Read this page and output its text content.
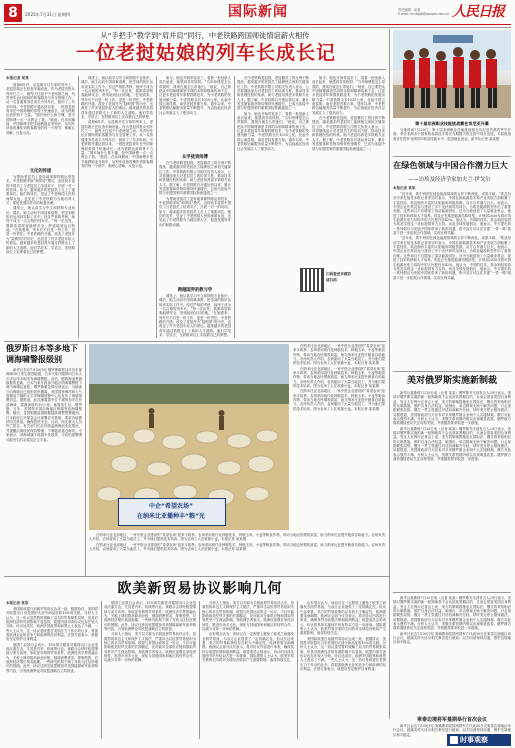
8	2025年7月31日 星期四	国际新闻	责任编辑：某某
E-mail: rmrbgjb@people.com.cn 人民日报
从“手把手”教学到“肩并肩”同行，中老铁路跨国师徒情谊薪火相传
一位老挝姑娘的列车长成长记
本报记者 某某

清晨6时许，从昆明开往万象的列车上，老挝姑娘正在检查车厢设备。作为老挝首批女列车长之一，她每天往返于中老两国之间，负责列车运行期间的旅客服务与安全管理工作。从一名普通乘务员成长为列车长，她用了三年多时间。中老铁路开通运营以来，一批批老挝青年在中国师傅的带领下快速成长，成为铁路运营的骨干力量。“刚开始什么都不懂，是中国师傅一点一点教会了我。”她说。在培训期间，中国师傅手把手地教她业务知识，从列车设备的操作到旅客服务的每一个细节，都耐心讲解、反复示范。

文化的传递

为帮助老挝员工更好地掌握铁路运营技术，中老铁路采取“师带徒”模式，由经验丰富的中国员工与老挝员工结成对子，开展一对一的培训。如今，越来越多的老挝员工走上了重要岗位。她们的成长，见证了中老两国人民的深厚友谊，也见证了中老铁路为当地培养人才、促进发展所作出的积极贡献。

课堂上，她认真学习中文和铁路专业知识；课后，她主动向中国同事请教，把学到的知识运用到实际工作中。经过严格的考核，她终于成为一名合格的列车长。“每一次出发，我都希望旅客能够安全、舒适地到达目的地。”在她看来，列车长不仅是一份工作，更是一份责任。中老铁路的开通，改变了老挝作为“陆锁国”的历史，也改变了许多老挝年轻人的命运。越来越多的老挝青年通过铁路走上了新的人生道路，他们学技术、学语言，在铁路岗位上实现着自己的梦想。

课堂上，她认真学习中文和铁路专业知识；课后，她主动向中国同事请教，把学到的知识运用到实际工作中。经过严格的考核，她终于成为一名合格的列车长。“每一次出发，我都希望旅客能够安全、舒适地到达目的地。”在她看来，列车长不仅是一份工作，更是一份责任。中老铁路的开通，改变了老挝作为“陆锁国”的历史，也改变了许多老挝年轻人的命运。越来越多的老挝青年通过铁路走上了新的人生道路，他们学技术、学语言，在铁路岗位上实现着自己的梦想。

清晨6时许，从昆明开往万象的列车上，老挝姑娘正在检查车厢设备。作为老挝首批女列车长之一，她每天往返于中老两国之间，负责列车运行期间的旅客服务与安全管理工作。从一名普通乘务员成长为列车长，她用了三年多时间。中老铁路开通运营以来，一批批老挝青年在中国师傅的带领下快速成长，成为铁路运营的骨干力量。“刚开始什么都不懂，是中国师傅一点一点教会了我。”她说。在培训期间，中国师傅手把手地教她业务知识，从列车设备的操作到旅客服务的每一个细节，都耐心讲解、反复示范。

如今，她也开始带徒弟了。看着一批批新人成长起来，她感到非常欣慰。“当年师傅是怎么带我的，我现在就怎么带他们。”她说，自己要把从中国师傅那里学到的本领和精神传承下去，让更多老挝青年掌握铁路技术，为中老铁路的发展贡献力量。中老铁路全长1035公里，北起中国云南昆明，南至老挝首都万象。通车以来，中老铁路运输服务质量不断提升，为沿线地区经济社会发展注入了强劲动力。

从学徒到师傅

在中老铁路老挝段，老挝籍员工的比例不断提高，越来越多的老挝员工能够独立承担关键岗位工作。中老铁路有限公司相关负责人表示，公司将继续加大对老挝员工的培训力度，推动技术和管理经验的传承，助力老挝培养更多铁路专业人才。据了解，中老铁路自开通运营以来，累计发送旅客和货物均保持快速增长，已成为连接中国与东盟国家的重要国际物流通道之一。

为帮助老挝员工更好地掌握铁路运营技术，中老铁路采取“师带徒”模式，由经验丰富的中国员工与老挝员工结成对子，开展一对一的培训。如今，越来越多的老挝员工走上了重要岗位。她们的成长，见证了中老两国人民的深厚友谊，也见证了中老铁路为当地培养人才、促进发展所作出的积极贡献。

在中老铁路老挝段，老挝籍员工的比例不断提高，越来越多的老挝员工能够独立承担关键岗位工作。中老铁路有限公司相关负责人表示，公司将继续加大对老挝员工的培训力度，推动技术和管理经验的传承，助力老挝培养更多铁路专业人才。据了解，中老铁路自开通运营以来，累计发送旅客和货物均保持快速增长，已成为连接中国与东盟国家的重要国际物流通道之一。

如今，她也开始带徒弟了。看着一批批新人成长起来，她感到非常欣慰。“当年师傅是怎么带我的，我现在就怎么带他们。”她说，自己要把从中国师傅那里学到的本领和精神传承下去，让更多老挝青年掌握铁路技术，为中老铁路的发展贡献力量。中老铁路全长1035公里，北起中国云南昆明，南至老挝首都万象。通车以来，中老铁路运输服务质量不断提升，为沿线地区经济社会发展注入了强劲动力。

跨越国界的教与学

课堂上，她认真学习中文和铁路专业知识；课后，她主动向中国同事请教，把学到的知识运用到实际工作中。经过严格的考核，她终于成为一名合格的列车长。“每一次出发，我都希望旅客能够安全、舒适地到达目的地。”在她看来，列车长不仅是一份工作，更是一份责任。中老铁路的开通，改变了老挝作为“陆锁国”的历史，也改变了许多老挝年轻人的命运。越来越多的老挝青年通过铁路走上了新的人生道路，他们学技术、学语言，在铁路岗位上实现着自己的梦想。

扫码看更多精彩
请扫码

如今，她也开始带徒弟了。看着一批批新人成长起来，她感到非常欣慰。“当年师傅是怎么带我的，我现在就怎么带他们。”她说，自己要把从中国师傅那里学到的本领和精神传承下去，让更多老挝青年掌握铁路技术，为中老铁路的发展贡献力量。中老铁路全长1035公里，北起中国云南昆明，南至老挝首都万象。通车以来，中老铁路运输服务质量不断提升，为沿线地区经济社会发展注入了强劲动力。

在中老铁路老挝段，老挝籍员工的比例不断提高，越来越多的老挝员工能够独立承担关键岗位工作。中老铁路有限公司相关负责人表示，公司将继续加大对老挝员工的培训力度，推动技术和管理经验的传承，助力老挝培养更多铁路专业人才。据了解，中老铁路自开通运营以来，累计发送旅客和货物均保持快速增长，已成为连接中国与东盟国家的重要国际物流通道之一。

第十届非洲职业技能挑战赛在肯尼亚开幕

当地时间7月29日，第十届非洲职业技能挑战赛在肯尼亚首都内罗毕开幕。来自非洲多个国家的参赛选手将在为期数天的比赛中同台竞技。本届挑战赛旨在提升非洲青年职业技能水平，促进就业创业。新华社记者 某某摄

在绿色领域与中国合作潜力巨大
——访埃及经济学家加夫兰·伊戈尔
本报记者 某某

“近年来，埃中两国在绿色能源领域的合作不断深化，成果丰硕。”埃及经济学家在接受本报记者采访时表示，中国在新能源技术和产业发展方面积累了丰富经验，埃及拥有丰富的太阳能和风能资源，双方合作潜力巨大。他表示，中国企业在埃及参与建设了多个光伏和风电项目，为埃及能源转型作出了重要贡献。这些项目不仅增加了清洁能源供应，还为当地创造了大量就业机会，促进了技术转移和人才培养。埃及正在推进能源结构转型，计划到2030年将可再生能源在电力结构中的占比提升至42%。他认为，中国的技术、资金和经验将为埃及实现这一目标提供有力支持。谈及全球发展倡议，他表示，中方提出的一系列倡议为发展中国家带来了新的机遇，埃中双方可以在共建“一带一路”框架下进一步拓展合作领域，实现互利共赢。

“近年来，埃中两国在绿色能源领域的合作不断深化，成果丰硕。”埃及经济学家在接受本报记者采访时表示，中国在新能源技术和产业发展方面积累了丰富经验，埃及拥有丰富的太阳能和风能资源，双方合作潜力巨大。他表示，中国企业在埃及参与建设了多个光伏和风电项目，为埃及能源转型作出了重要贡献。这些项目不仅增加了清洁能源供应，还为当地创造了大量就业机会，促进了技术转移和人才培养。埃及正在推进能源结构转型，计划到2030年将可再生能源在电力结构中的占比提升至42%。他认为，中国的技术、资金和经验将为埃及实现这一目标提供有力支持。谈及全球发展倡议，他表示，中方提出的一系列倡议为发展中国家带来了新的机遇，埃中双方可以在共建“一带一路”框架下进一步拓展合作领域，实现互利共赢。

美对俄罗斯实施新制裁

新华社莫斯科7月29日电（记者 某某）俄罗斯外交部发言人29日表示，美国对俄罗斯实施的新一轮制裁将不会达到其预期目的，反而会损害美国自身利益。发言人在例行记者会上说，美方的制裁措施违反国际法，俄方将采取相应的反制措施，维护自身合法权益。她指出，单边制裁无助于解决问题，只会加剧紧张局势。俄方一贯主张通过对话协商解决分歧，呼吁美方停止错误做法。另据报道，美国财政部当天宣布对多家俄罗斯企业和个人实施制裁。俄方对此表示强烈不满。分析人士认为，美俄关系短期内难以出现明显改善。俄罗斯方面将继续密切关注局势发展，并根据需要采取进一步措施。

新华社莫斯科7月29日电（记者 某某）俄罗斯外交部发言人29日表示，美国对俄罗斯实施的新一轮制裁将不会达到其预期目的，反而会损害美国自身利益。发言人在例行记者会上说，美方的制裁措施违反国际法，俄方将采取相应的反制措施，维护自身合法权益。她指出，单边制裁无助于解决问题，只会加剧紧张局势。俄方一贯主张通过对话协商解决分歧，呼吁美方停止错误做法。另据报道，美国财政部当天宣布对多家俄罗斯企业和个人实施制裁。俄方对此表示强烈不满。分析人士认为，美俄关系短期内难以出现明显改善。俄罗斯方面将继续密切关注局势发展，并根据需要采取进一步措施。

俄罗斯日本等多地下调海啸警报级别

新华社东京7月30日电 俄罗斯堪察加半岛东部海域30日发生强烈地震，日本气象厅随即向日本太平洋沿岸多地发布海啸警报。此后，随着海浪观测数据的更新，日本气象厅将部分地区的海啸警报下调为海啸注意报。俄罗斯紧急情况部表示，当地部分沿海地区已组织居民撤离。美国国家海洋和大气管理局下属的太平洋海啸预警中心也发布了海啸预警信息。据报道，此次地震震中位于堪察加半岛东部海域，震源深度约19公里。地震发生后，俄罗斯、日本、美国等多国沿海地区相继发布海啸预警。随后，各国根据监测数据陆续调整预警级别。日本政府召开紧急会议部署应对措施，要求各地做好防灾准备，确保居民安全。目前，尚无重大人员伤亡报告。有关部门仍在持续监测海浪变化情况，并提醒沿海居民保持警惕，不要随意靠近海岸。专家表示，该海域属于地震多发地带，今后仍需警惕可能发生的余震及次生灾害。

中企“希望农场”
在纳米比亚播种丰“粮”光

在纳米比亚北部地区，一家中资企业建设的“希望农场”迎来丰收季。农场采用现代化种植技术，种植玉米、小麦等粮食作物，带动当地农民增收致富，助力纳米比亚提升粮食自给能力。农场负责人介绍，农场雇用了大量当地员工，并为他们提供技术培训。图为农场工人在收割小麦。本报记者 某某摄

在纳米比亚北部地区，一家中资企业建设的“希望农场”迎来丰收季。农场采用现代化种植技术，种植玉米、小麦等粮食作物，带动当地农民增收致富，助力纳米比亚提升粮食自给能力。农场负责人介绍，农场雇用了大量当地员工，并为他们提供技术培训。图为农场工人在收割小麦。本报记者 某某摄

在纳米比亚北部地区，一家中资企业建设的“希望农场”迎来丰收季。农场采用现代化种植技术，种植玉米、小麦等粮食作物，带动当地农民增收致富，助力纳米比亚提升粮食自给能力。农场负责人介绍，农场雇用了大量当地员工，并为他们提供技术培训。图为农场工人在收割小麦。本报记者 某某摄

在纳米比亚北部地区，一家中资企业建设的“希望农场”迎来丰收季。农场采用现代化种植技术，种植玉米、小麦等粮食作物，带动当地农民增收致富，助力纳米比亚提升粮食自给能力。农场负责人介绍，农场雇用了大量当地员工，并为他们提供技术培训。图为农场工人在收割小麦。本报记者 某某摄

在纳米比亚北部地区，一家中资企业建设的“希望农场”迎来丰收季。农场采用现代化种植技术，种植玉米、小麦等粮食作物，带动当地农民增收致富，助力纳米比亚提升粮食自给能力。农场负责人介绍，农场雇用了大量当地员工，并为他们提供技术培训。图为农场工人在收割小麦。本报记者 某某摄

欧美新贸易协议影响几何
本报记者 某某

美国和欧盟日前就贸易协议达成一致，根据协议，美国将对欧盟出口至美国的大部分商品征收15%的关税。分析人士认为，这一协议虽然暂时缓解了双方的贸易紧张局势，但其对欧洲经济的负面影响不容忽视，欧盟内部对该协议也存在较大分歧。协议达成后，欧洲多国政界和商界人士表达了不满。一些人士认为，这一协议是欧盟在美国压力下作出的让步，将损害欧洲企业的竞争力和欧洲的经济利益。法国方面表示，欧盟应坚定维护自身利益。

德国工业联合会表示，15%的关税将对德国出口企业造成沉重打击，尤其是汽车、机械等行业。该联合会呼吁欧盟继续与美方谈判，争取更有利的贸易条件。欧洲经济学界普遍认为，关税上调将推高商品价格，削弱消费需求，抑制投资，对欧洲经济增长构成拖累。一些研究机构下调了对欧元区经济增长的预期。此外，协议还涉及欧盟增加对美国能源和军备采购等内容，引发欧洲舆论对欧盟战略自主的担忧。

德国工业联合会表示，15%的关税将对德国出口企业造成沉重打击，尤其是汽车、机械等行业。该联合会呼吁欧盟继续与美方谈判，争取更有利的贸易条件。欧洲经济学界普遍认为，关税上调将推高商品价格，削弱消费需求，抑制投资，对欧洲经济增长构成拖累。一些研究机构下调了对欧元区经济增长的预期。此外，协议还涉及欧盟增加对美国能源和军备采购等内容，引发欧洲舆论对欧盟战略自主的担忧。

分析人士指出，美方以关税为手段迫使贸易伙伴让步，是典型的单边主义和保护主义做法，严重冲击以世界贸易组织为核心的多边贸易体制。欧盟与美国达成的这一协议，不仅可能影响欧美经贸关系的长期稳定，还可能对全球供应链和国际贸易秩序产生深远影响。有欧洲学者表示，欧洲应加强自身经济韧性，推进市场多元化，深化与其他国家和地区的经贸合作，以减少对单一市场的依赖。

分析人士指出，美方以关税为手段迫使贸易伙伴让步，是典型的单边主义和保护主义做法，严重冲击以世界贸易组织为核心的多边贸易体制。欧盟与美国达成的这一协议，不仅可能影响欧美经贸关系的长期稳定，还可能对全球供应链和国际贸易秩序产生深远影响。有欧洲学者表示，欧洲应加强自身经济韧性，推进市场多元化，深化与其他国家和地区的经贸合作，以减少对单一市场的依赖。

也有观点认为，该协议在一定程度上避免了欧美之间爆发全面贸易战，为双方企业提供了一定的确定性。但从长远来看，美方的贸易政策仍存在较大不确定性，欧洲需要未雨绸缪。欧洲议会部分议员表示，将对协议内容进行审查，确保其符合欧盟法律和欧洲利益。欧盟委员会则表示，协议的具体实施细节仍有待双方进一步磋商。国际观察人士认为，欧美贸易关系的走向将对全球经济格局产生重要影响，值得持续关注。

也有观点认为，该协议在一定程度上避免了欧美之间爆发全面贸易战，为双方企业提供了一定的确定性。但从长远来看，美方的贸易政策仍存在较大不确定性，欧洲需要未雨绸缪。欧洲议会部分议员表示，将对协议内容进行审查，确保其符合欧盟法律和欧洲利益。欧盟委员会则表示，协议的具体实施细节仍有待双方进一步磋商。国际观察人士认为，欧美贸易关系的走向将对全球经济格局产生重要影响，值得持续关注。

美国和欧盟日前就贸易协议达成一致，根据协议，美国将对欧盟出口至美国的大部分商品征收15%的关税。分析人士认为，这一协议虽然暂时缓解了双方的贸易紧张局势，但其对欧洲经济的负面影响不容忽视，欧盟内部对该协议也存在较大分歧。协议达成后，欧洲多国政界和商界人士表达了不满。一些人士认为，这一协议是欧盟在美国压力下作出的让步，将损害欧洲企业的竞争力和欧洲的经济利益。法国方面表示，欧盟应坚定维护自身利益。

柬泰边境将军曼期举行首次会议

新华社莫斯科7月29日电（记者 某某）俄罗斯外交部发言人29日表示，美国对俄罗斯实施的新一轮制裁将不会达到其预期目的，反而会损害美国自身利益。发言人在例行记者会上说，美方的制裁措施违反国际法，俄方将采取相应的反制措施，维护自身合法权益。她指出，单边制裁无助于解决问题，只会加剧紧张局势。俄方一贯主张通过对话协商解决分歧，呼吁美方停止错误做法。另据报道，美国财政部当天宣布对多家俄罗斯企业和个人实施制裁。俄方对此表示强烈不满。分析人士认为，美俄关系短期内难以出现明显改善。俄罗斯方面将继续密切关注局势发展，并根据需要采取进一步措施。

新华社金边7月30日电 柬埔寨和泰国两国军方代表30日在柬泰边境地区举行会议，就落实停火协议相关事宜进行磋商。双方同意保持沟通，维护边境地区和平稳定。

新华社金边7月30日电 柬埔寨和泰国两国军方代表30日在柬泰边境地区举行会议，就落实停火协议相关事宜进行磋商。双方同意保持沟通，维护边境地区和平稳定。

时事观察
